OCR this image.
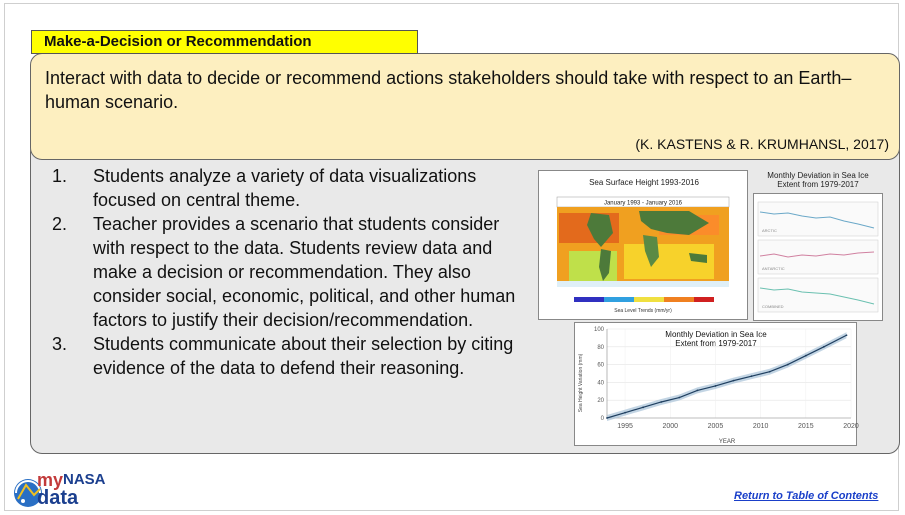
Interact with data to decide or recommend actions stakeholders should take with respect to an Earth–human scenario.
(K. KASTENS & R. KRUMHANSL, 2017)
Make-a-Decision or Recommendation
1. Students analyze a variety of data visualizations focused on central theme.
2. Teacher provides a scenario that students consider with respect to the data. Students review data and make a decision or recommendation. They also consider social, economic, political, and other human factors to justify their decision/recommendation.
3. Students communicate about their selection by citing evidence of the data to defend their reasoning.
Sea Surface Height 1993-2016
January 1993 - January 2016
Sea Level Trends (mm/yr)
Monthly Deviation in Sea Ice
Extent from 1979-2017
ARCTIC
ANTARCTIC
COMBINED
Monthly Deviation in Sea Ice
Extent from 1979-2017
Sea Height Variation (mm)
YEAR
0
20
40
60
80
100
1995	2000	2005	2010	2015	2020
my NASA
data	Return to Table of Contents
